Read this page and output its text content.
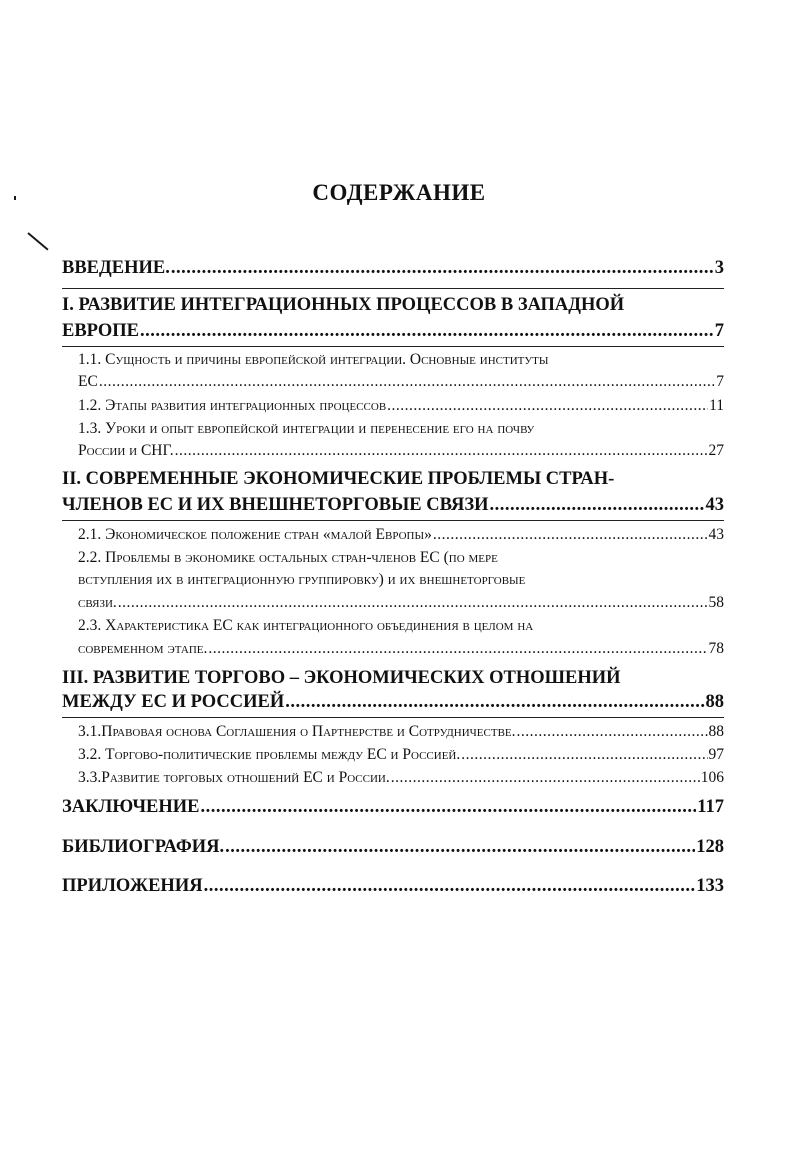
СОДЕРЖАНИЕ
ВВЕДЕНИЕ. .....	3
I. РАЗВИТИЕ ИНТЕГРАЦИОННЫХ ПРОЦЕССОВ В ЗАПАДНОЙ
ЕВРОПЕ .....	7
1.1. Сущность и причины европейской интеграции. Основные институты
ЕС .....	7
1.2. Этапы развития интеграционных процессов .....	11
1.3. Уроки и опыт европейской интеграции и перенесение его на почву
России и СНГ. .....	27
II. СОВРЕМЕННЫЕ ЭКОНОМИЧЕСКИЕ ПРОБЛЕМЫ СТРАН-
ЧЛЕНОВ ЕС И ИХ ВНЕШНЕТОРГОВЫЕ СВЯЗИ .....	43
2.1. Экономическое положение стран «малой Европы» .....	43
2.2. Проблемы в экономике остальных стран-членов ЕС (по мере
вступления их в интеграционную группировку) и их внешнеторговые
связи. .....	58
2.3. Характеристика ЕС как интеграционного объединения в целом на
современном этапе. .....	78
III. РАЗВИТИЕ ТОРГОВО – ЭКОНОМИЧЕСКИХ ОТНОШЕНИЙ
МЕЖДУ ЕС И РОССИЕЙ .....	88
3.1.Правовая основа Соглашения о Партнерстве и Сотрудничестве. .....	88
3.2. Торгово-политические проблемы между ЕС и Россией. .....	97
3.3.Развитие торговых отношений ЕС и России. .....	106
ЗАКЛЮЧЕНИЕ .....	117
БИБЛИОГРАФИЯ. .....	128
ПРИЛОЖЕНИЯ .....	133
